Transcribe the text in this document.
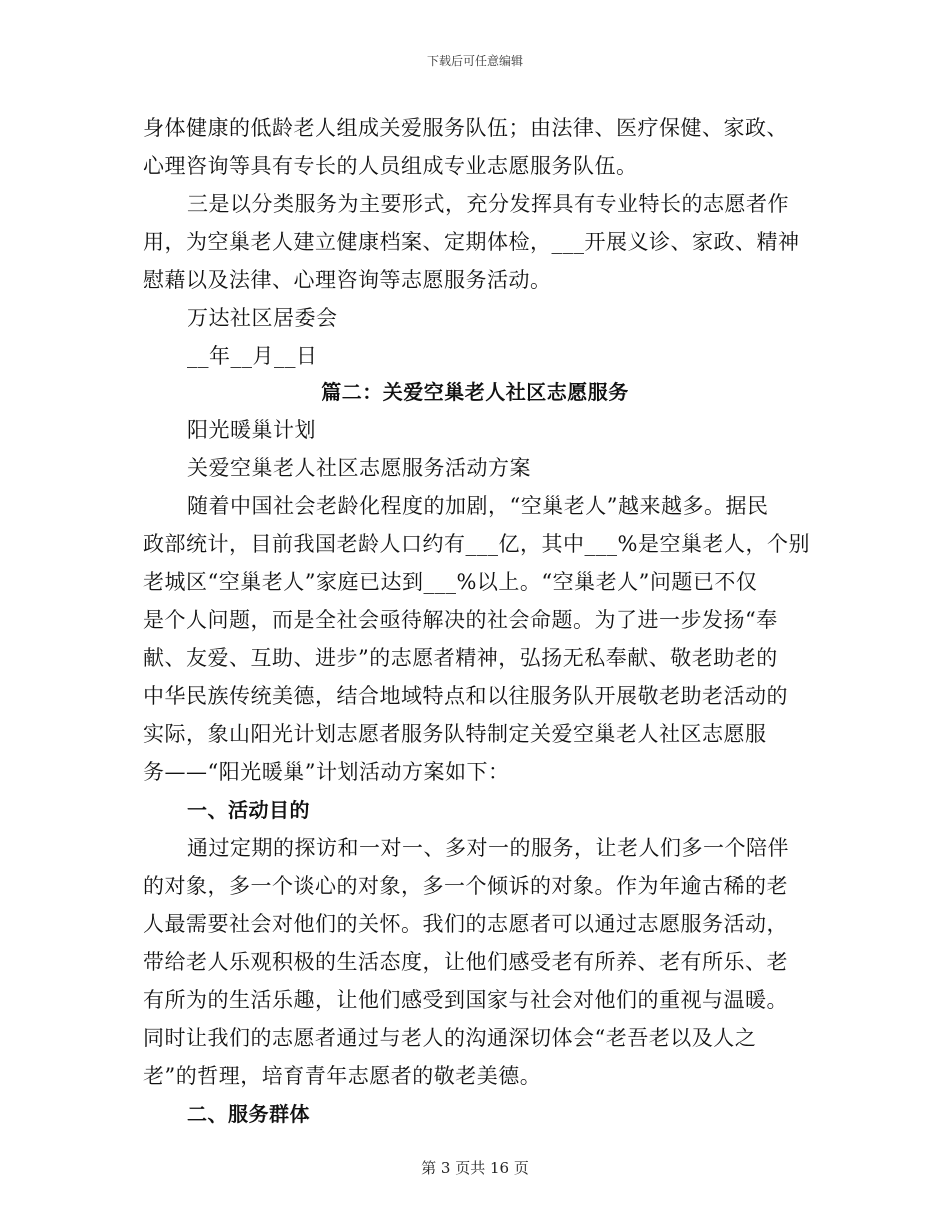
下载后可任意编辑
身体健康的低龄老人组成关爱服务队伍；由法律、医疗保健、家政、
心理咨询等具有专长的人员组成专业志愿服务队伍。
三是以分类服务为主要形式，充分发挥具有专业特长的志愿者作
用，为空巢老人建立健康档案、定期体检，___开展义诊、家政、精神
慰藉以及法律、心理咨询等志愿服务活动。
万达社区居委会
__年__月__日
篇二：关爱空巢老人社区志愿服务
阳光暖巢计划
关爱空巢老人社区志愿服务活动方案
随着中国社会老龄化程度的加剧，“空巢老人”越来越多。据民
政部统计，目前我国老龄人口约有___亿，其中___%是空巢老人，个别
老城区“空巢老人”家庭已达到___%以上。“空巢老人”问题已不仅
是个人问题，而是全社会亟待解决的社会命题。为了进一步发扬“奉
献、友爱、互助、进步”的志愿者精神，弘扬无私奉献、敬老助老的
中华民族传统美德，结合地域特点和以往服务队开展敬老助老活动的
实际，象山阳光计划志愿者服务队特制定关爱空巢老人社区志愿服
务——“阳光暖巢”计划活动方案如下：
一、活动目的
通过定期的探访和一对一、多对一的服务，让老人们多一个陪伴
的对象，多一个谈心的对象，多一个倾诉的对象。作为年逾古稀的老
人最需要社会对他们的关怀。我们的志愿者可以通过志愿服务活动，
带给老人乐观积极的生活态度，让他们感受老有所养、老有所乐、老
有所为的生活乐趣，让他们感受到国家与社会对他们的重视与温暖。
同时让我们的志愿者通过与老人的沟通深切体会“老吾老以及人之
老”的哲理，培育青年志愿者的敬老美德。
二、服务群体
第 3 页共 16 页
